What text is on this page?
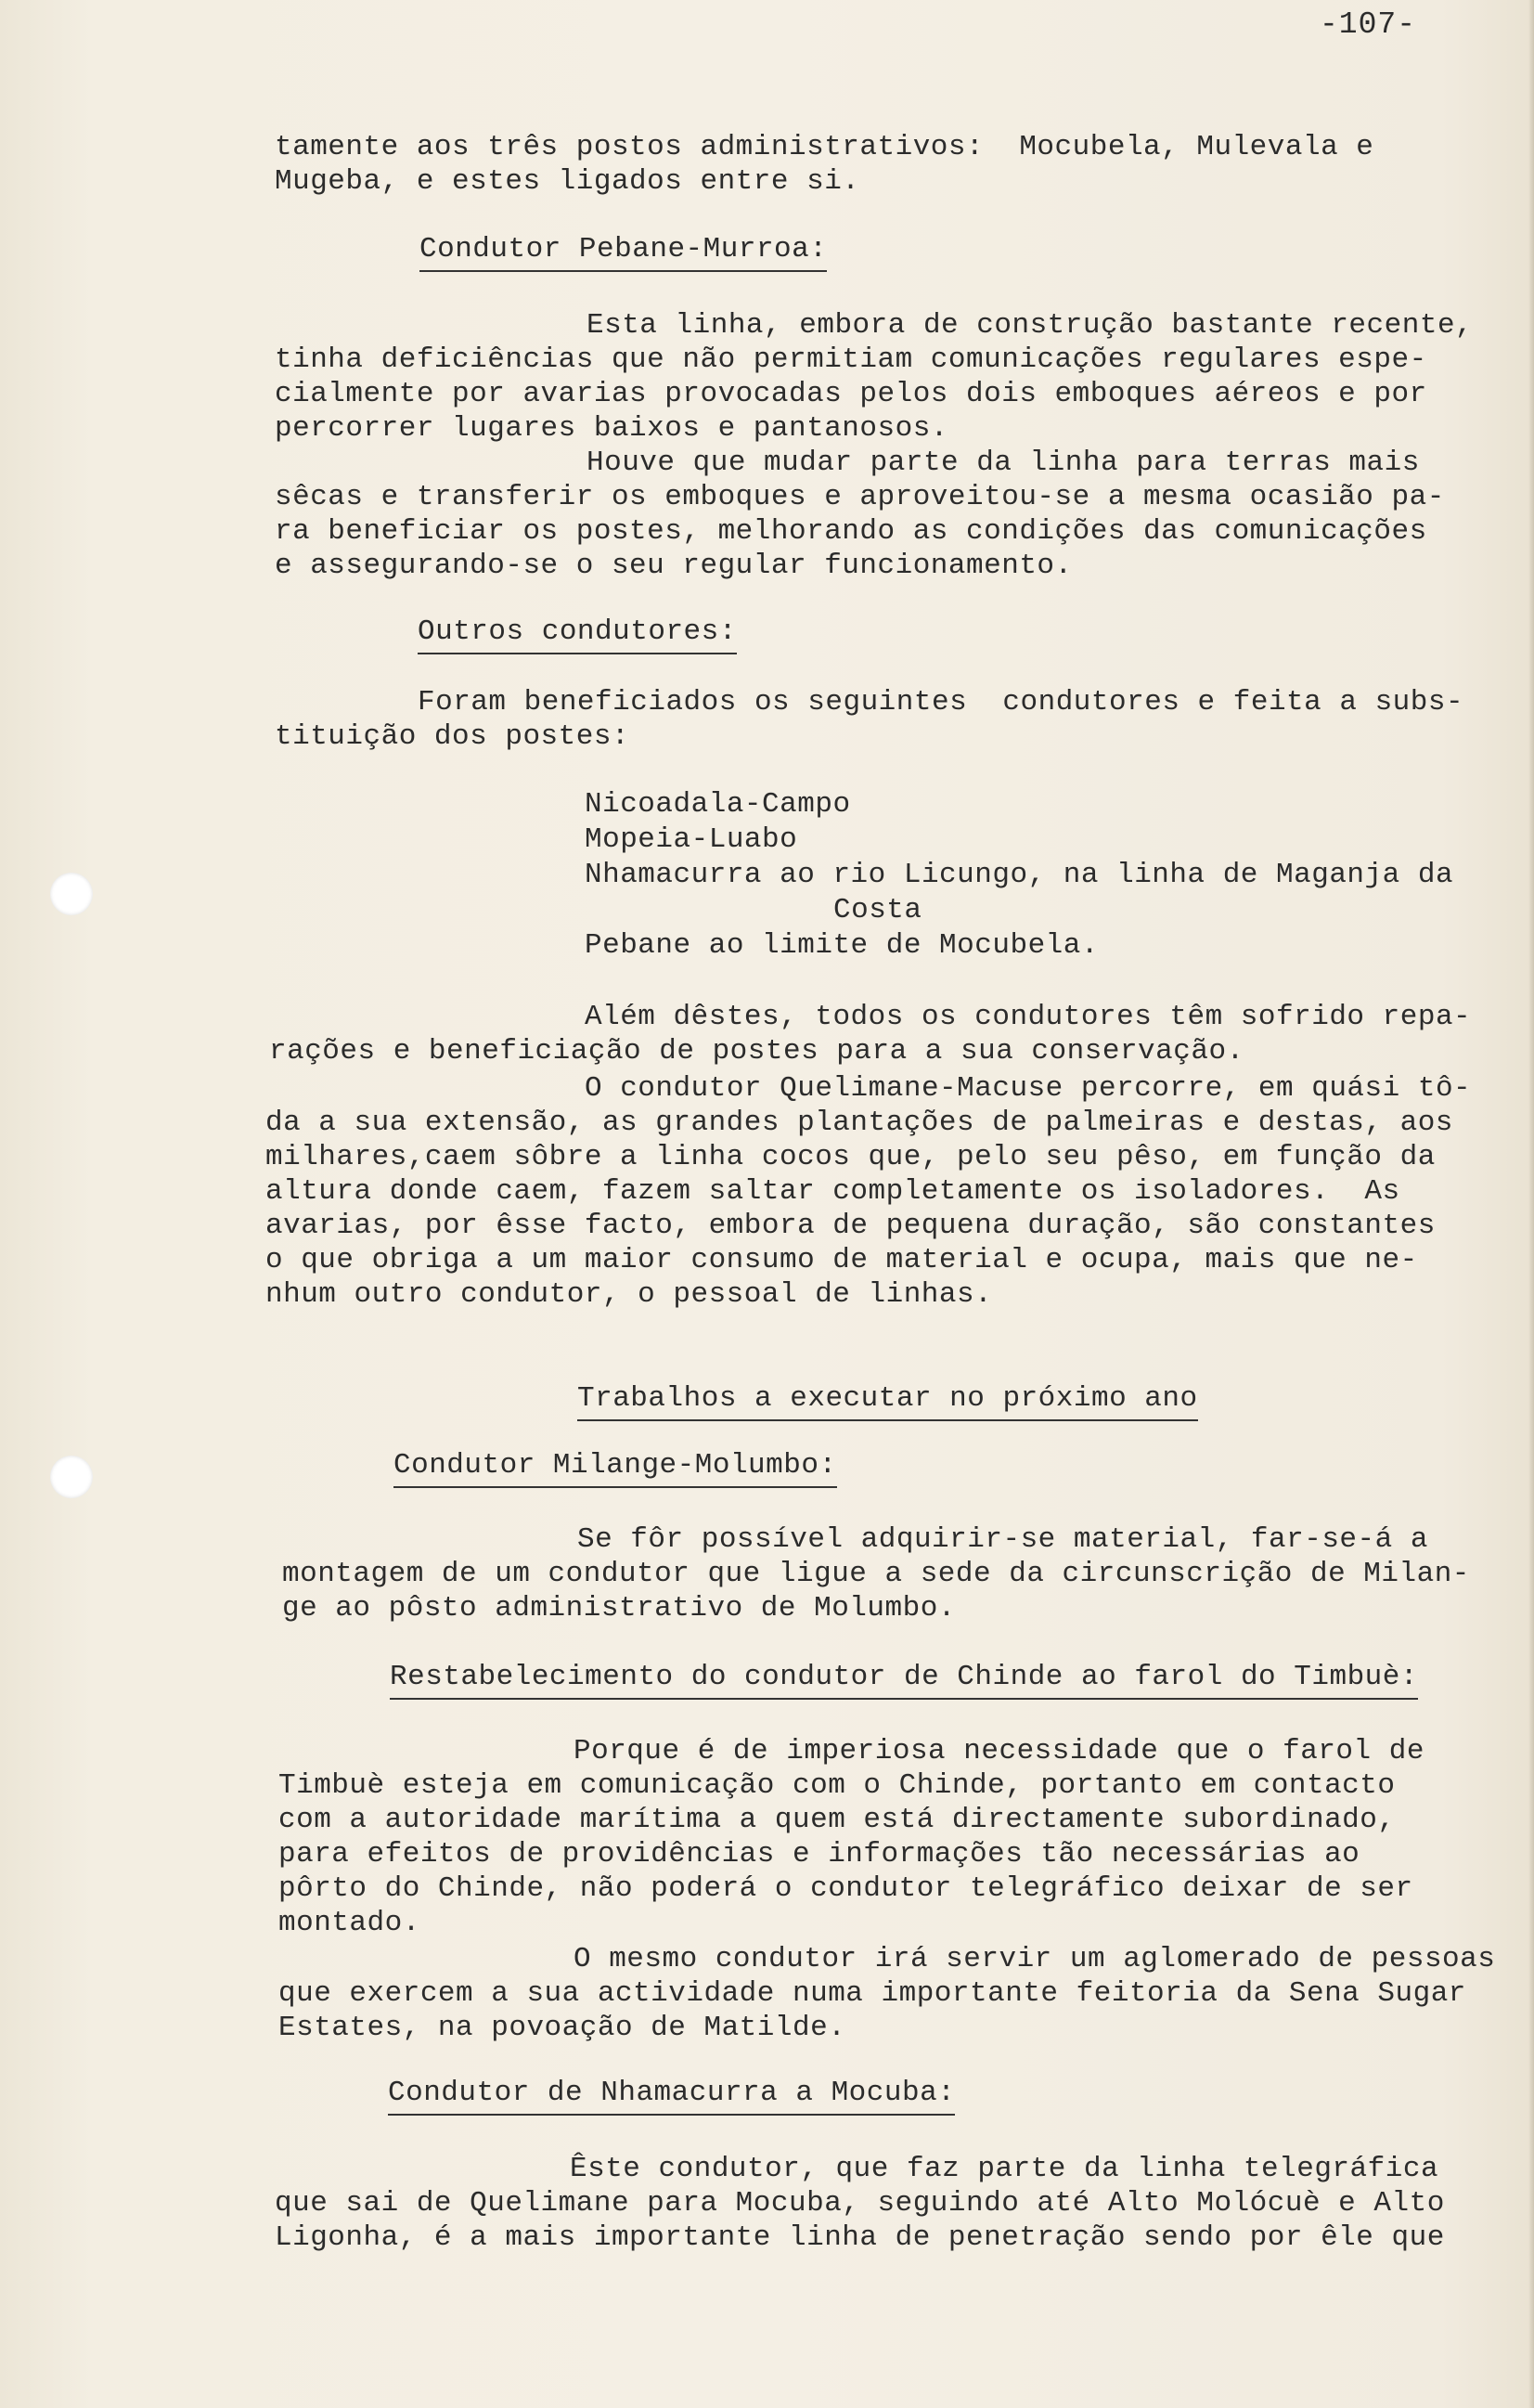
-107-
tamente aos três postos administrativos:  Mocubela, Mulevala e
Mugeba, e estes ligados entre si.
Condutor Pebane-Murroa:
Esta linha, embora de construção bastante recente,
tinha deficiências que não permitiam comunicações regulares espe-
cialmente por avarias provocadas pelos dois emboques aéreos e por
percorrer lugares baixos e pantanosos.
Houve que mudar parte da linha para terras mais
sêcas e transferir os emboques e aproveitou-se a mesma ocasião pa-
ra beneficiar os postes, melhorando as condições das comunicações
e assegurando-se o seu regular funcionamento.
Outros condutores:
Foram beneficiados os seguintes  condutores e feita a subs-
tituição dos postes:
Nicoadala-Campo
Mopeia-Luabo
Nhamacurra ao rio Licungo, na linha de Maganja da
Costa
Pebane ao limite de Mocubela.
Além dêstes, todos os condutores têm sofrido repa-
rações e beneficiação de postes para a sua conservação.
O condutor Quelimane-Macuse percorre, em quási tô-
da a sua extensão, as grandes plantações de palmeiras e destas, aos
milhares,caem sôbre a linha cocos que, pelo seu pêso, em função da
altura donde caem, fazem saltar completamente os isoladores.  As
avarias, por êsse facto, embora de pequena duração, são constantes
o que obriga a um maior consumo de material e ocupa, mais que ne-
nhum outro condutor, o pessoal de linhas.
Trabalhos a executar no próximo ano
Condutor Milange-Molumbo:
Se fôr possível adquirir-se material, far-se-á a
montagem de um condutor que ligue a sede da circunscrição de Milan-
ge ao pôsto administrativo de Molumbo.
Restabelecimento do condutor de Chinde ao farol do Timbuè:
Porque é de imperiosa necessidade que o farol de
Timbuè esteja em comunicação com o Chinde, portanto em contacto
com a autoridade marítima a quem está directamente subordinado,
para efeitos de providências e informações tão necessárias ao
pôrto do Chinde, não poderá o condutor telegráfico deixar de ser
montado.
O mesmo condutor irá servir um aglomerado de pessoas
que exercem a sua actividade numa importante feitoria da Sena Sugar
Estates, na povoação de Matilde.
Condutor de Nhamacurra a Mocuba:
Êste condutor, que faz parte da linha telegráfica
que sai de Quelimane para Mocuba, seguindo até Alto Molócuè e Alto
Ligonha, é a mais importante linha de penetração sendo por êle que
